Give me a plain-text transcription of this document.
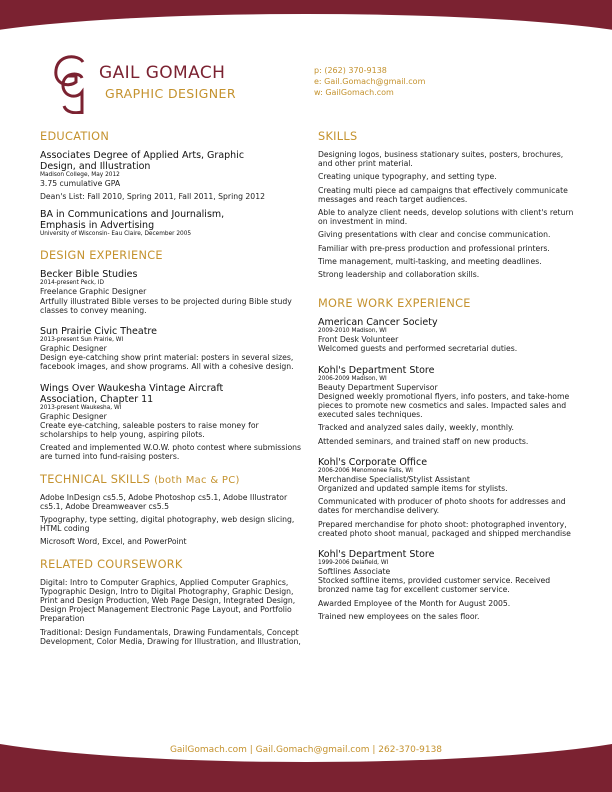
GAIL GOMACH
GRAPHIC DESIGNER
p: (262) 370-9138
e: Gail.Gomach@gmail.com
w: GailGomach.com
EDUCATION
Associates Degree of Applied Arts, Graphic
Design, and Illustration
Madison College, May 2012
3.75 cumulative GPA
Dean's List: Fall 2010, Spring 2011, Fall 2011, Spring 2012
BA in Communications and Journalism,
Emphasis in Advertising
University of Wisconsin- Eau Claire, December 2005
DESIGN EXPERIENCE
Becker Bible Studies
2014-present Peck, ID
Freelance Graphic Designer
Artfully illustrated Bible verses to be projected during Bible study classes to convey meaning.
Sun Prairie Civic Theatre
2013-present Sun Prairie, WI
Graphic Designer
Design eye-catching show print material: posters in several sizes, facebook images, and show programs. All with a cohesive design.
Wings Over Waukesha Vintage Aircraft
Association, Chapter 11
2013-present Waukesha, WI
Graphic Designer
Create eye-catching, saleable posters to raise money for scholarships to help young, aspiring pilots.
Created and implemented W.O.W. photo contest where submissions are turned into fund-raising posters.
TECHNICAL SKILLS (both Mac & PC)
Adobe InDesign cs5.5, Adobe Photoshop cs5.1, Adobe Illustrator cs5.1, Adobe Dreamweaver cs5.5
Typography, type setting, digital photography, web design slicing, HTML coding
Microsoft Word, Excel, and PowerPoint
RELATED COURSEWORK
Digital: Intro to Computer Graphics, Applied Computer Graphics, Typographic Design, Intro to Digital Photography, Graphic Design, Print and Design Production, Web Page Design, Integrated Design, Design Project Management Electronic Page Layout, and Portfolio Preparation
Traditional: Design Fundamentals, Drawing Fundamentals, Concept Development, Color Media, Drawing for Illustration, and Illustration,
SKILLS
Designing logos, business stationary suites, posters, brochures, and other print material.
Creating unique typography, and setting type.
Creating multi piece ad campaigns that effectively communicate messages and reach target audiences.
Able to analyze client needs, develop solutions with client's return on investment in mind.
Giving presentations with clear and concise communication.
Familiar with pre-press production and professional printers.
Time management, multi-tasking, and meeting deadlines.
Strong leadership and collaboration skills.
MORE WORK EXPERIENCE
American Cancer Society
2009-2010 Madison, WI
Front Desk Volunteer
Welcomed guests and performed secretarial duties.
Kohl's Department Store
2006-2009 Madison, WI
Beauty Department Supervisor
Designed weekly promotional flyers, info posters, and take-home pieces to promote new cosmetics and sales. Impacted sales and executed sales techniques.
Tracked and analyzed sales daily, weekly, monthly.
Attended seminars, and trained staff on new products.
Kohl's Corporate Office
2006-2006 Menomonee Falls, WI
Merchandise Specialist/Stylist Assistant
Organized and updated sample items for stylists.
Communicated with producer of photo shoots for addresses and dates for merchandise delivery.
Prepared merchandise for photo shoot: photographed inventory, created photo shoot manual, packaged and shipped merchandise
Kohl's Department Store
1999-2006 Delafield, WI
Softlines Associate
Stocked softline items, provided customer service. Received bronzed name tag for excellent customer service.
Awarded Employee of the Month for August 2005.
Trained new employees on the sales floor.
GailGomach.com | Gail.Gomach@gmail.com | 262-370-9138
